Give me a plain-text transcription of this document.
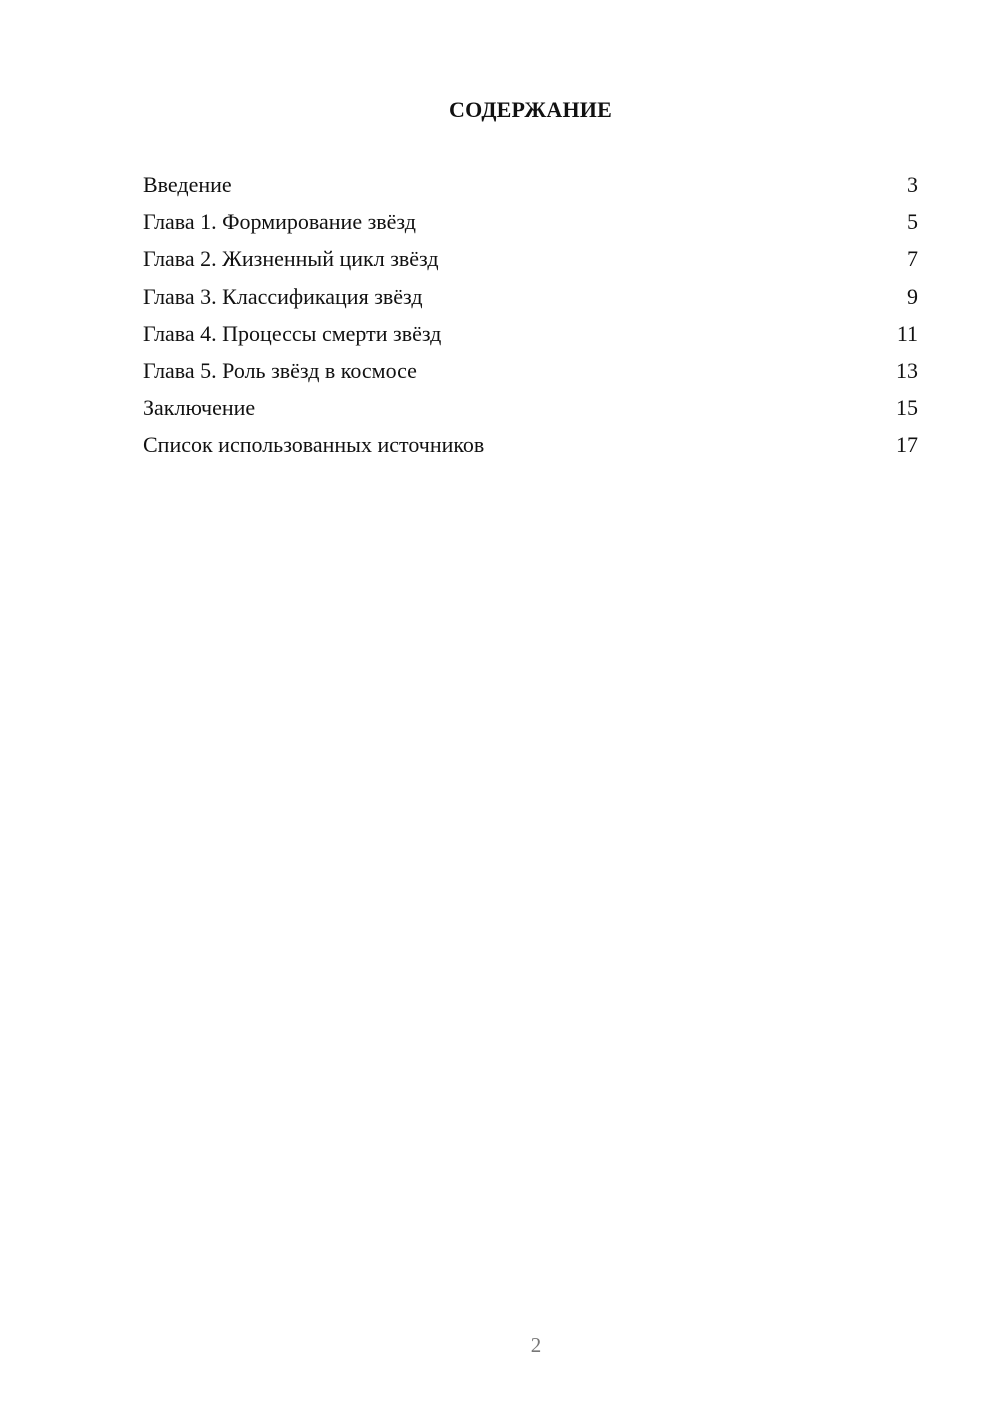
СОДЕРЖАНИЕ
Введение	3
Глава 1. Формирование звёзд	5
Глава 2. Жизненный цикл звёзд	7
Глава 3. Классификация звёзд	9
Глава 4. Процессы смерти звёзд	11
Глава 5. Роль звёзд в космосе	13
Заключение	15
Список использованных источников	17
2
